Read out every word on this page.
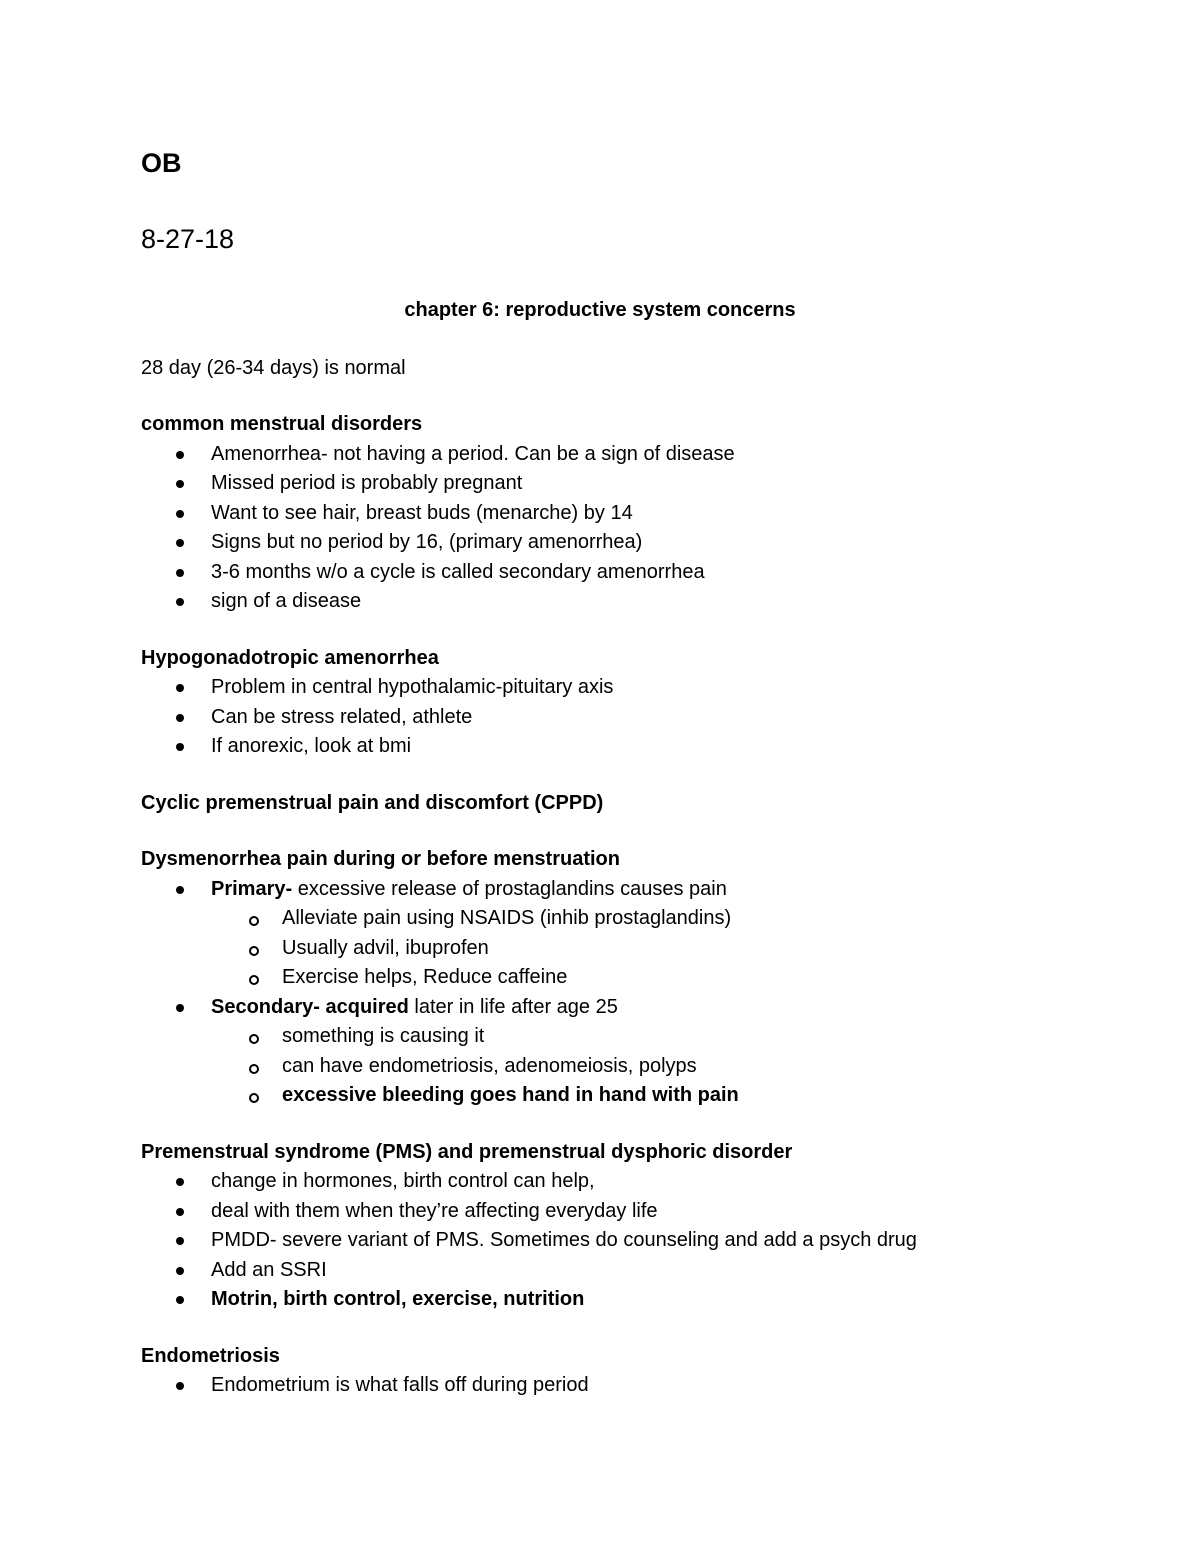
OB
8-27-18
chapter 6: reproductive system concerns
28 day (26-34 days) is normal
common menstrual disorders
Amenorrhea- not having a period. Can be a sign of disease
Missed period is probably pregnant
Want to see hair, breast buds (menarche) by 14
Signs but no period by 16, (primary amenorrhea)
3-6 months w/o a cycle is called secondary amenorrhea
sign of a disease
Hypogonadotropic amenorrhea
Problem in central hypothalamic-pituitary axis
Can be stress related, athlete
If anorexic, look at bmi
Cyclic premenstrual pain and discomfort (CPPD)
Dysmenorrhea pain during or before menstruation
Primary- excessive release of prostaglandins causes pain
Alleviate pain using NSAIDS (inhib prostaglandins)
Usually advil, ibuprofen
Exercise helps, Reduce caffeine
Secondary- acquired later in life after age 25
something is causing it
can have endometriosis, adenomeiosis, polyps
excessive bleeding goes hand in hand with pain
Premenstrual syndrome (PMS) and premenstrual dysphoric disorder
change in hormones, birth control can help,
deal with them when they’re affecting everyday life
PMDD- severe variant of PMS. Sometimes do counseling and add a psych drug
Add an SSRI
Motrin, birth control, exercise, nutrition
Endometriosis
Endometrium is what falls off during period
